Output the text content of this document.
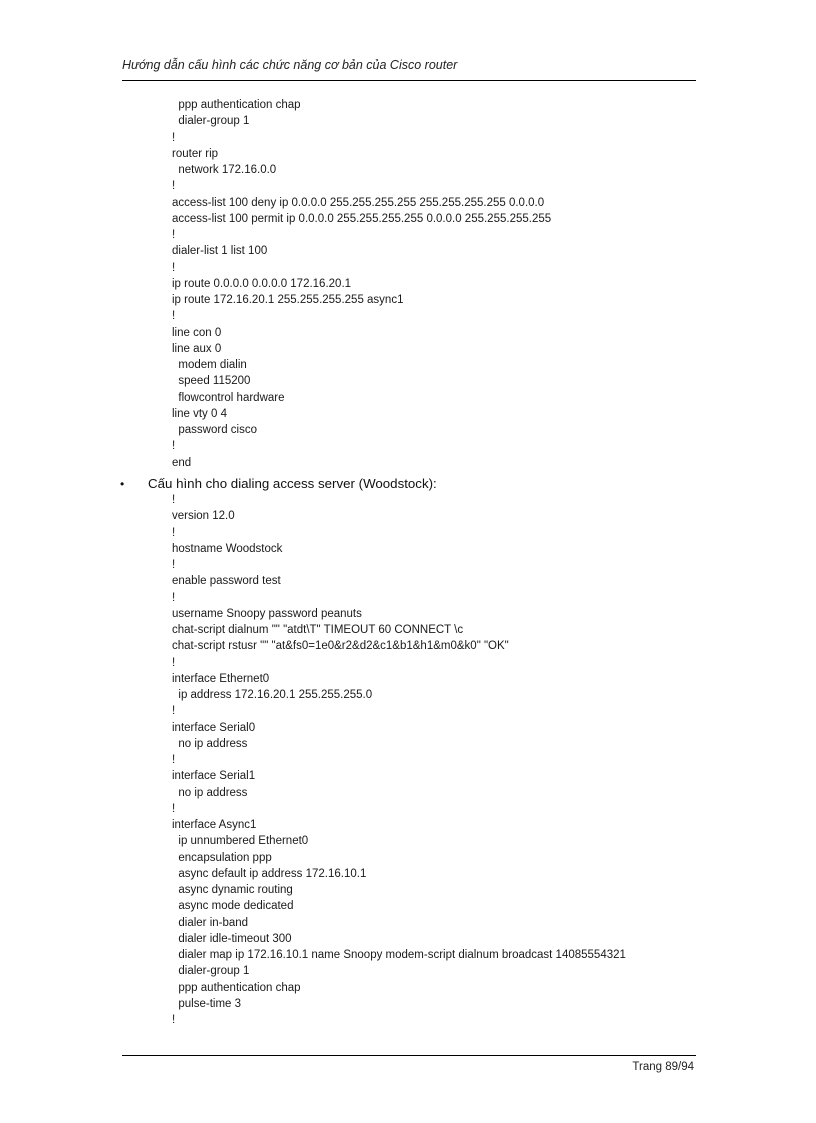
Hướng dẫn cấu hình các chức năng cơ bản của Cisco router
ppp authentication chap
dialer-group 1
!
router rip
network 172.16.0.0
!
access-list 100 deny ip 0.0.0.0 255.255.255.255 255.255.255.255 0.0.0.0
access-list 100 permit ip 0.0.0.0 255.255.255.255 0.0.0.0 255.255.255.255
!
dialer-list 1 list 100
!
ip route 0.0.0.0 0.0.0.0 172.16.20.1
ip route 172.16.20.1 255.255.255.255 async1
!
line con 0
line aux 0
modem dialin
speed 115200
flowcontrol hardware
line vty 0 4
password cisco
!
end
•	Cấu hình cho dialing access server (Woodstock):
!
version 12.0
!
hostname Woodstock
!
enable password test
!
username Snoopy password peanuts
chat-script dialnum "" "atdt\T" TIMEOUT 60 CONNECT \c
chat-script rstusr "" "at&fs0=1e0&r2&d2&c1&b1&h1&m0&k0" "OK"
!
interface Ethernet0
ip address 172.16.20.1 255.255.255.0
!
interface Serial0
no ip address
!
interface Serial1
no ip address
!
interface Async1
ip unnumbered Ethernet0
encapsulation ppp
async default ip address 172.16.10.1
async dynamic routing
async mode dedicated
dialer in-band
dialer idle-timeout 300
dialer map ip 172.16.10.1 name Snoopy modem-script dialnum broadcast 14085554321
dialer-group 1
ppp authentication chap
pulse-time 3
!
Trang 89/94
